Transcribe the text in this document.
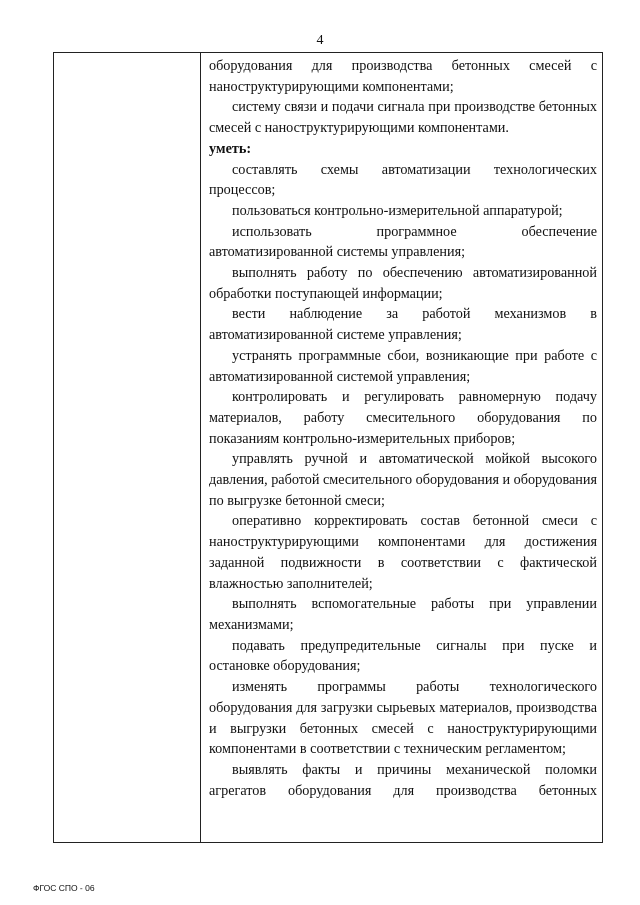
4

оборудования для производства бетонных смесей с наноструктурирующими компонентами;

систему связи и подачи сигнала при производстве бетонных смесей с наноструктурирующими компонентами.

уметь:

составлять схемы автоматизации технологических процессов;

пользоваться контрольно-измерительной аппаратурой;

использовать программное обеспечение автоматизированной системы управления;

выполнять работу по обеспечению автоматизированной обработки поступающей информации;

вести наблюдение за работой механизмов в автоматизированной системе управления;

устранять программные сбои, возникающие при работе с автоматизированной системой управления;

контролировать и регулировать равномерную подачу материалов, работу смесительного оборудования по показаниям контрольно-измерительных приборов;

управлять ручной и автоматической мойкой высокого давления, работой смесительного оборудования и оборудования по выгрузке бетонной смеси;

оперативно корректировать состав бетонной смеси с наноструктурирующими компонентами для достижения заданной подвижности в соответствии с фактической влажностью заполнителей;

выполнять вспомогательные работы при управлении механизмами;

подавать предупредительные сигналы при пуске и остановке оборудования;

изменять программы работы технологического оборудования для загрузки сырьевых материалов, производства и выгрузки бетонных смесей с наноструктурирующими компонентами в соответствии с техническим регламентом;

выявлять факты и причины механической поломки агрегатов оборудования для производства бетонных

ФГОС СПО - 06
